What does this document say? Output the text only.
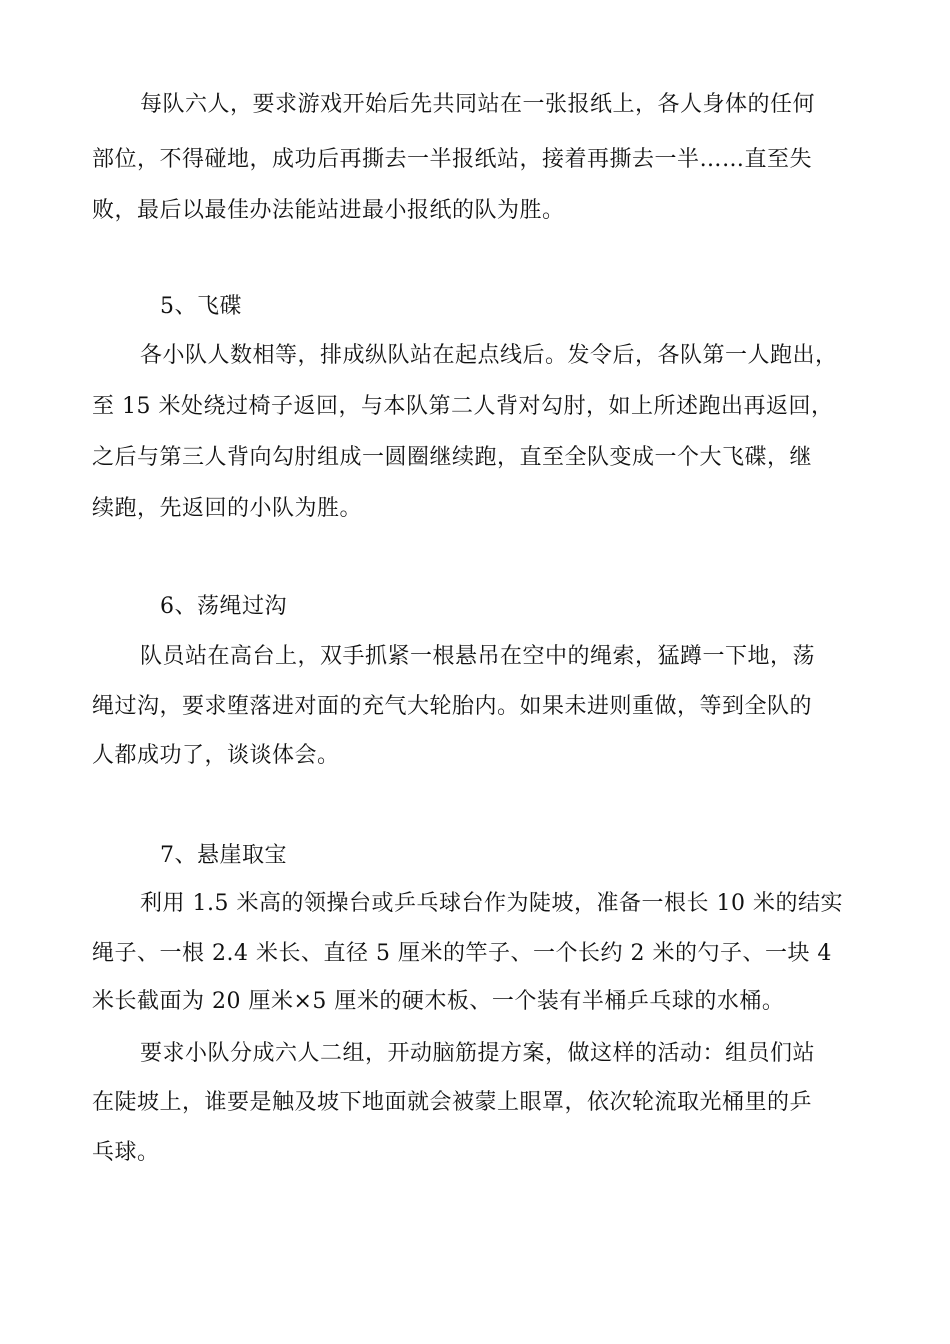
每队六人，要求游戏开始后先共同站在一张报纸上，各人身体的任何
部位，不得碰地，成功后再撕去一半报纸站，接着再撕去一半……直至失
败，最后以最佳办法能站进最小报纸的队为胜。
5、飞碟
各小队人数相等，排成纵队站在起点线后。发令后，各队第一人跑出，
至 15 米处绕过椅子返回，与本队第二人背对勾肘，如上所述跑出再返回，
之后与第三人背向勾肘组成一圆圈继续跑，直至全队变成一个大飞碟，继
续跑，先返回的小队为胜。
6、荡绳过沟
队员站在高台上，双手抓紧一根悬吊在空中的绳索，猛蹲一下地，荡
绳过沟，要求堕落进对面的充气大轮胎内。如果未进则重做，等到全队的
人都成功了，谈谈体会。
7、悬崖取宝
利用 1.5 米高的领操台或乒乓球台作为陡坡，准备一根长 10 米的结实
绳子、一根 2.4 米长、直径 5 厘米的竿子、一个长约 2 米的勺子、一块 4
米长截面为 20 厘米×5 厘米的硬木板、一个装有半桶乒乓球的水桶。
要求小队分成六人二组，开动脑筋提方案，做这样的活动：组员们站
在陡坡上，谁要是触及坡下地面就会被蒙上眼罩，依次轮流取光桶里的乒
乓球。
